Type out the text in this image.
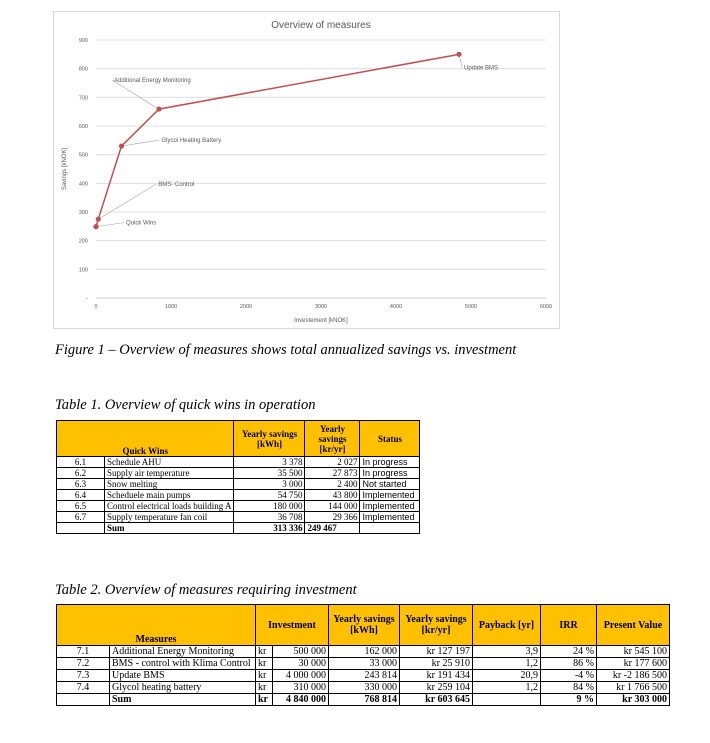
Overview of measures
-
100
200
300
400
500
600
700
800
900
0	1000	2000	3000	4000	5000	6000
Investement [kNOK]
Savings [kNOK]
Quick Wins
BMS- Control
Glycol Heating Battery
Additional Energy Monitoring
Update BMS
Figure 1 – Overview of measures shows total annualized savings vs. investment
Table 1. Overview of quick wins in operation
Quick Wins		Yearly savings [kWh]	Yearly savings [kr/yr]	Status
6.1	Schedule AHU	3 378	2 027	In progress
6.2	Supply air temperature	35 500	27 873	In progress
6.3	Snow melting	3 000	2 400	Not started
6.4	Scheduele main pumps	54 750	43 800	Implemented
6.5	Control electrical loads building A	180 000	144 000	Implemented
6.7	Supply temperature fan coil	36 708	29 366	Implemented
	Sum	313 336	249 467	
Table 2. Overview of measures requiring investment
Measures		Investment		Yearly savings [kWh]	Yearly savings [kr/yr]	Payback [yr]	IRR	Present Value
7.1	Additional Energy Monitoring	kr	500 000	162 000	kr 127 197	3,9	24 %	kr 545 100
7.2	BMS - control with Klima Control	kr	30 000	33 000	kr 25 910	1,2	86 %	kr 177 600
7.3	Update BMS	kr	4 000 000	243 814	kr 191 434	20,9	-4 %	kr -2 186 500
7.4	Glycol heating battery	kr	310 000	330 000	kr 259 104	1,2	84 %	kr 1 766 500
	Sum	kr	4 840 000	768 814	kr 603 645		9 %	kr 303 000
